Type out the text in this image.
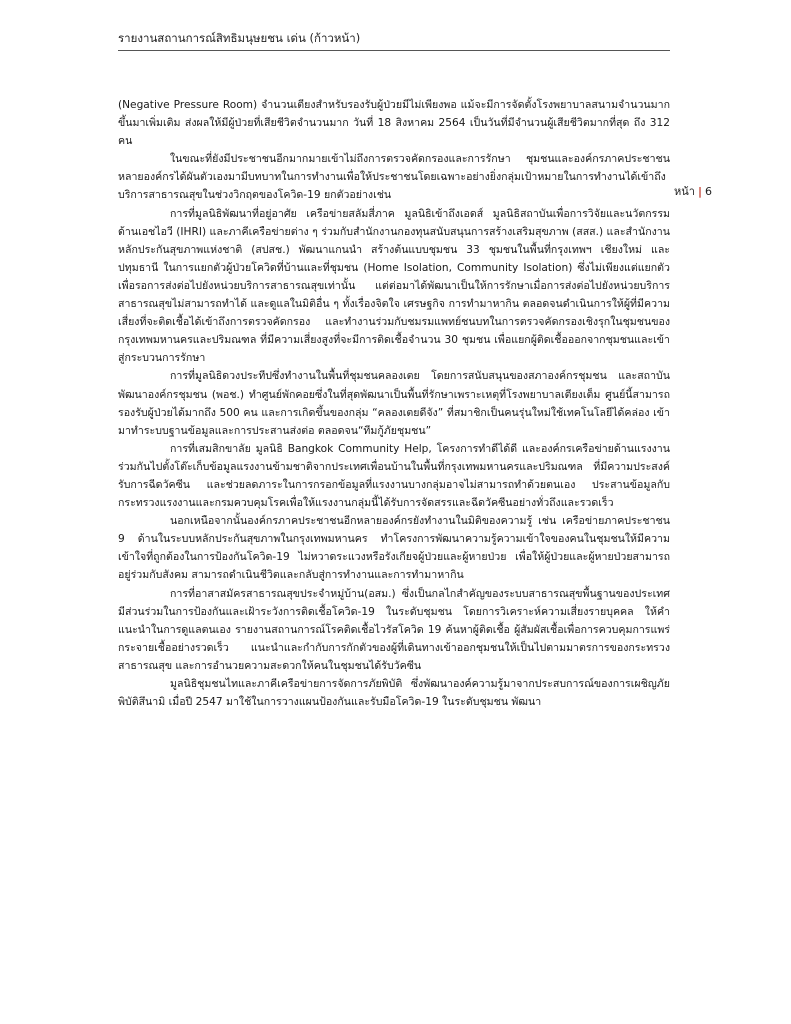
รายงานสถานการณ์สิทธิมนุษยชน เด่น (ก้าวหน้า)
หน้า | 6

(Negative Pressure Room) จำนวนเตียงสำหรับรองรับผู้ป่วยมีไม่เพียงพอ แม้จะมีการจัดตั้งโรงพยาบาลสนามจำนวนมากขึ้นมาเพิ่มเติม ส่งผลให้มีผู้ป่วยที่เสียชีวิตจำนวนมาก วันที่ 18 สิงหาคม 2564 เป็นวันที่มีจำนวนผู้เสียชีวิตมากที่สุด ถึง 312 คน

ในขณะที่ยังมีประชาชนอีกมากมายเข้าไม่ถึงการตรวจคัดกรองและการรักษา ชุมชนและองค์กรภาคประชาชนหลายองค์กรได้ผันตัวเองมามีบทบาทในการทำงานเพื่อให้ประชาชนโดยเฉพาะอย่างยิ่งกลุ่มเป้าหมายในการทำงานได้เข้าถึงบริการสาธารณสุขในช่วงวิกฤตของโควิด-19 ยกตัวอย่างเช่น

การที่มูลนิธิพัฒนาที่อยู่อาศัย เครือข่ายสลัมสี่ภาค มูลนิธิเข้าถึงเอดส์ มูลนิธิสถาบันเพื่อการวิจัยและนวัตกรรมด้านเอชไอวี (IHRI) และภาคีเครือข่ายต่าง ๆ ร่วมกับสำนักงานกองทุนสนับสนุนการสร้างเสริมสุขภาพ (สสส.) และสำนักงานหลักประกันสุขภาพแห่งชาติ (สปสช.) พัฒนาแกนนำ สร้างต้นแบบชุมชน 33 ชุมชนในพื้นที่กรุงเทพฯ เชียงใหม่ และปทุมธานี ในการแยกตัวผู้ป่วยโควิดที่บ้านและที่ชุมชน (Home Isolation, Community Isolation) ซึ่งไม่เพียงแต่แยกตัวเพื่อรอการส่งต่อไปยังหน่วยบริการสาธารณสุขเท่านั้น แต่ต่อมาได้พัฒนาเป็นให้การรักษาเมื่อการส่งต่อไปยังหน่วยบริการสาธารณสุขไม่สามารถทำได้ และดูแลในมิติอื่น ๆ ทั้งเรื่องจิตใจ เศรษฐกิจ การทำมาหากิน ตลอดจนดำเนินการให้ผู้ที่มีความเสี่ยงที่จะติดเชื้อได้เข้าถึงการตรวจคัดกรอง และทำงานร่วมกับชมรมแพทย์ชนบทในการตรวจคัดกรองเชิงรุกในชุมชนของกรุงเทพมหานครและปริมณฑล ที่มีความเสี่ยงสูงที่จะมีการติดเชื้อจำนวน 30 ชุมชน เพื่อแยกผู้ติดเชื้อออกจากชุมชนและเข้าสู่กระบวนการรักษา

การที่มูลนิธิดวงประทีปซึ่งทำงานในพื้นที่ชุมชนคลองเตย โดยการสนับสนุนของสภาองค์กรชุมชน และสถาบันพัฒนาองค์กรชุมชน (พอช.) ทำศูนย์พักคอยซึ่งในที่สุดพัฒนาเป็นพื้นที่รักษาเพราะเหตุที่โรงพยาบาลเตียงเต็ม ศูนย์นี้สามารถรองรับผู้ป่วยได้มากถึง 500 คน และการเกิดขึ้นของกลุ่ม “คลองเตยดีจัง” ที่สมาชิกเป็นคนรุ่นใหม่ใช้เทคโนโลยีได้คล่อง เข้ามาทำระบบฐานข้อมูลและการประสานส่งต่อ ตลอดจน“ทีมกู้ภัยชุมชน”

การที่เสมสิกขาลัย มูลนิธิ Bangkok Community Help, โครงการทำดีได้ดี และองค์กรเครือข่ายด้านแรงงานร่วมกันไปตั้งโต๊ะเก็บข้อมูลแรงงานข้ามชาติจากประเทศเพื่อนบ้านในพื้นที่กรุงเทพมหานครและปริมณฑล ที่มีความประสงค์รับการฉีดวัคซีน และช่วยลดภาระในการกรอกข้อมูลที่แรงงานบางกลุ่มอาจไม่สามารถทำด้วยตนเอง ประสานข้อมูลกับกระทรวงแรงงานและกรมควบคุมโรคเพื่อให้แรงงานกลุ่มนี้ได้รับการจัดสรรและฉีดวัคซีนอย่างทั่วถึงและรวดเร็ว

นอกเหนือจากนั้นองค์กรภาคประชาชนอีกหลายองค์กรยังทำงานในมิติของความรู้ เช่น เครือข่ายภาคประชาชน 9 ด้านในระบบหลักประกันสุขภาพในกรุงเทพมหานคร ทำโครงการพัฒนาความรู้ความเข้าใจของคนในชุมชนให้มีความเข้าใจที่ถูกต้องในการป้องกันโควิด-19 ไม่หวาดระแวงหรือรังเกียจผู้ป่วยและผู้หายป่วย เพื่อให้ผู้ป่วยและผู้หายป่วยสามารถอยู่ร่วมกับสังคม สามารถดำเนินชีวิตและกลับสู่การทำงานและการทำมาหากิน

การที่อาสาสมัครสาธารณสุขประจำหมู่บ้าน(อสม.) ซึ่งเป็นกลไกสำคัญของระบบสาธารณสุขพื้นฐานของประเทศมีส่วนร่วมในการป้องกันและเฝ้าระวังการติดเชื้อโควิด-19 ในระดับชุมชน โดยการวิเคราะห์ความเสี่ยงรายบุคคล ให้คำแนะนำในการดูแลตนเอง รายงานสถานการณ์โรคติดเชื้อไวรัสโควิด 19 ค้นหาผู้ติดเชื้อ ผู้สัมผัสเชื้อเพื่อการควบคุมการแพร่กระจายเชื้ออย่างรวดเร็ว แนะนำและกำกับการกักตัวของผู้ที่เดินทางเข้าออกชุมชนให้เป็นไปตามมาตรการของกระทรวงสาธารณสุข และการอำนวยความสะดวกให้คนในชุมชนได้รับวัคซีน

มูลนิธิชุมชนไทและภาคีเครือข่ายการจัดการภัยพิบัติ ซึ่งพัฒนาองค์ความรู้มาจากประสบการณ์ของการเผชิญภัยพิบัติสึนามิ เมื่อปี 2547 มาใช้ในการวางแผนป้องกันและรับมือโควิด-19 ในระดับชุมชน พัฒนา
